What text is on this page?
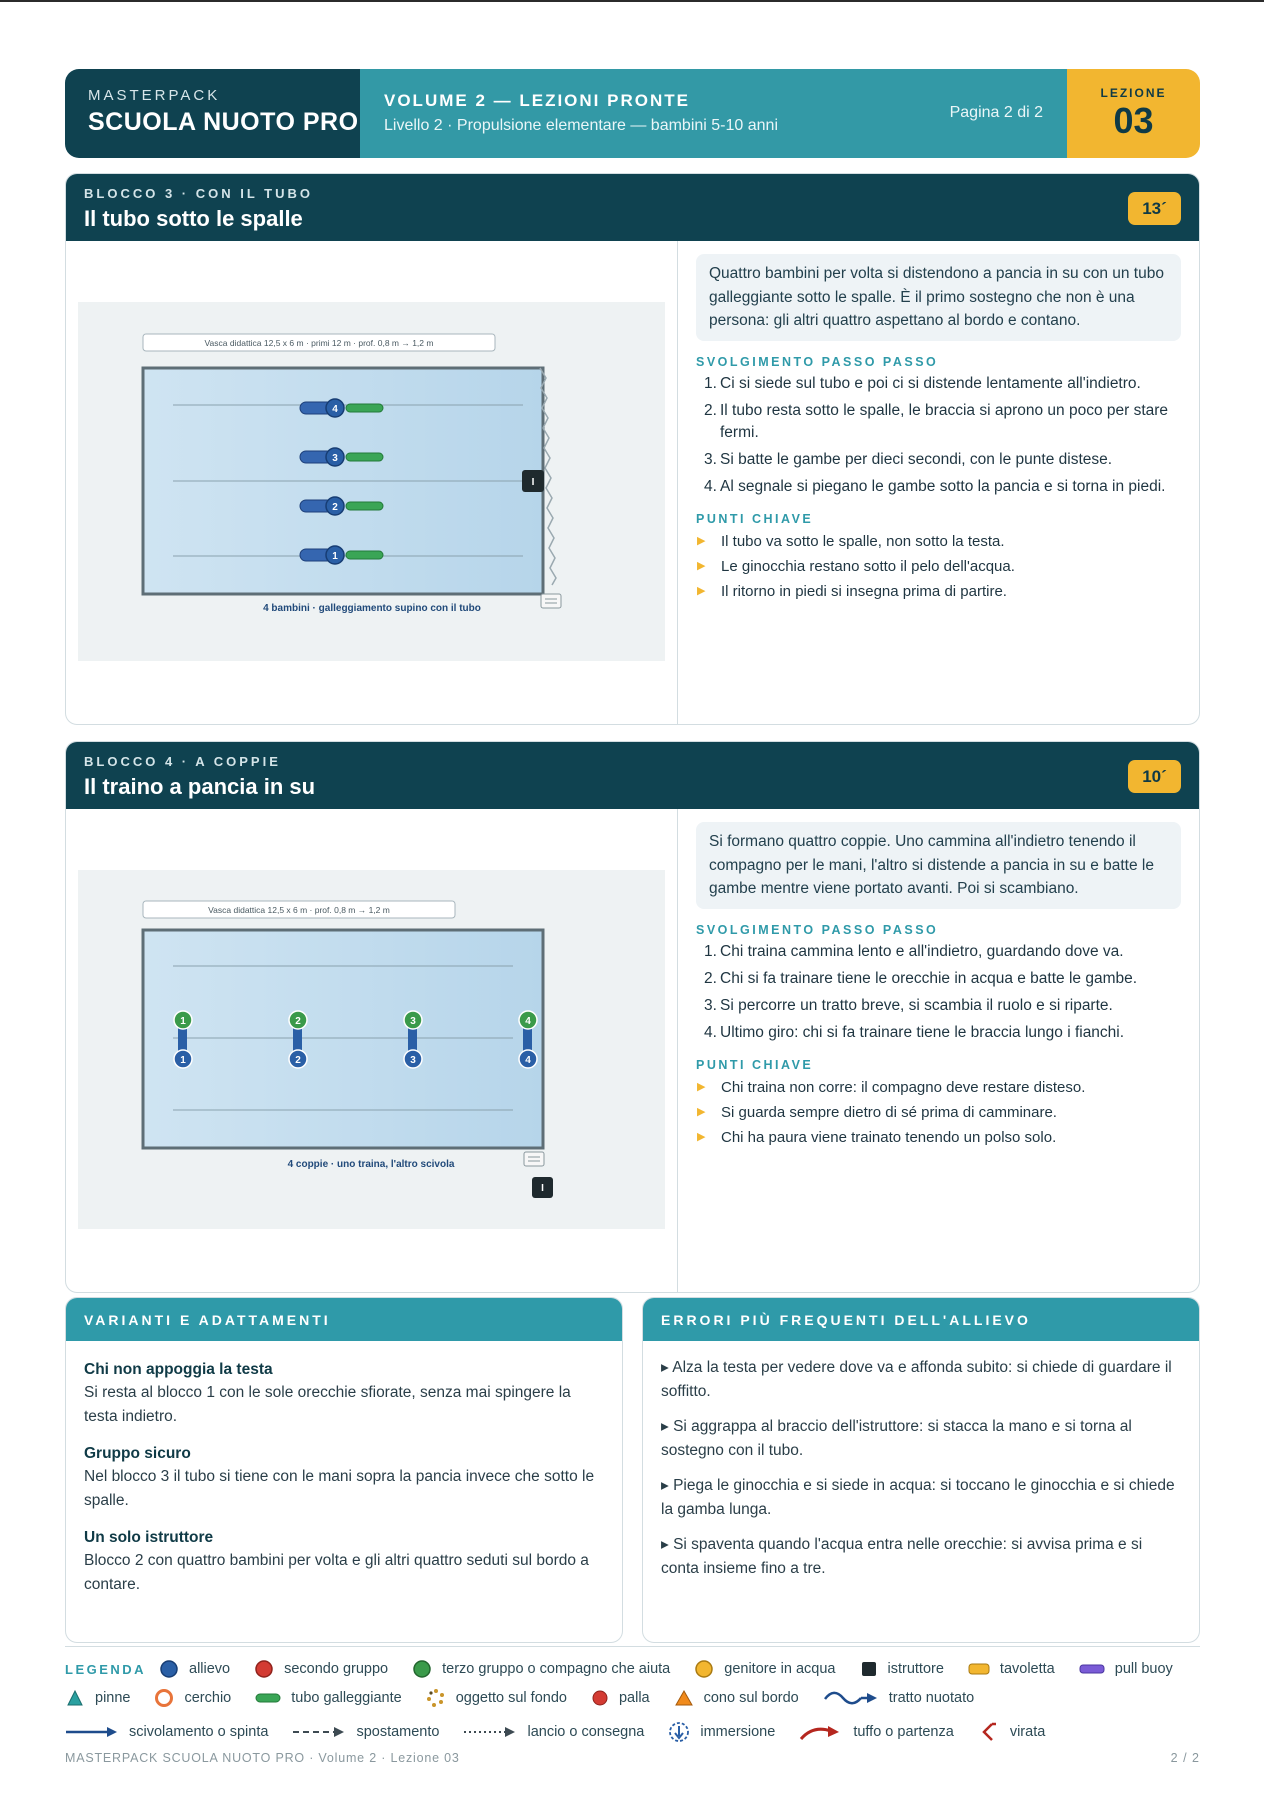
MASTERPACK
SCUOLA NUOTO PRO
VOLUME 2 — LEZIONI PRONTE
Livello 2 · Propulsione elementare — bambini 5-10 anni
Pagina 2 di 2
LEZIONE
03
BLOCCO 3 · CON IL TUBO
Il tubo sotto le spalle	13´
Vasca didattica 12,5 x 6 m · primi 12 m · prof. 0,8 m → 1,2 m
4
3
2
1
I
4 bambini · galleggiamento supino con il tubo
Quattro bambini per volta si distendono a pancia in su con un tubo galleggiante sotto le spalle. È il primo sostegno che non è una persona: gli altri quattro aspettano al bordo e contano.
SVOLGIMENTO PASSO PASSO
1. Ci si siede sul tubo e poi ci si distende lentamente all'indietro.
2. Il tubo resta sotto le spalle, le braccia si aprono un poco per stare fermi.
3. Si batte le gambe per dieci secondi, con le punte distese.
4. Al segnale si piegano le gambe sotto la pancia e si torna in piedi.
PUNTI CHIAVE
▶	Il tubo va sotto le spalle, non sotto la testa.
▶	Le ginocchia restano sotto il pelo dell'acqua.
▶	Il ritorno in piedi si insegna prima di partire.
BLOCCO 4 · A COPPIE
Il traino a pancia in su	10´
Vasca didattica 12,5 x 6 m · prof. 0,8 m → 1,2 m
1
1
2
2
3
3
4
4
4 coppie · uno traina, l'altro scivola
I
Si formano quattro coppie. Uno cammina all'indietro tenendo il compagno per le mani, l'altro si distende a pancia in su e batte le gambe mentre viene portato avanti. Poi si scambiano.
SVOLGIMENTO PASSO PASSO
1. Chi traina cammina lento e all'indietro, guardando dove va.
2. Chi si fa trainare tiene le orecchie in acqua e batte le gambe.
3. Si percorre un tratto breve, si scambia il ruolo e si riparte.
4. Ultimo giro: chi si fa trainare tiene le braccia lungo i fianchi.
PUNTI CHIAVE
▶	Chi traina non corre: il compagno deve restare disteso.
▶	Si guarda sempre dietro di sé prima di camminare.
▶	Chi ha paura viene trainato tenendo un polso solo.
VARIANTI E ADATTAMENTI
Chi non appoggia la testa
Si resta al blocco 1 con le sole orecchie sfiorate, senza mai spingere la testa indietro.
Gruppo sicuro
Nel blocco 3 il tubo si tiene con le mani sopra la pancia invece che sotto le spalle.
Un solo istruttore
Blocco 2 con quattro bambini per volta e gli altri quattro seduti sul bordo a contare.
ERRORI PIÙ FREQUENTI DELL'ALLIEVO
▸ Alza la testa per vedere dove va e affonda subito: si chiede di guardare il soffitto.
▸ Si aggrappa al braccio dell'istruttore: si stacca la mano e si torna al sostegno con il tubo.
▸ Piega le ginocchia e si siede in acqua: si toccano le ginocchia e si chiede la gamba lunga.
▸ Si spaventa quando l'acqua entra nelle orecchie: si avvisa prima e si conta insieme fino a tre.
LEGENDA	allievo	secondo gruppo	terzo gruppo o compagno che aiuta	genitore in acqua	istruttore	tavoletta	pull buoy
pinne	cerchio	tubo galleggiante	oggetto sul fondo	palla	cono sul bordo	tratto nuotato
scivolamento o spinta	spostamento	lancio o consegna	immersione	tuffo o partenza	virata
MASTERPACK SCUOLA NUOTO PRO · Volume 2 · Lezione 03	2 / 2
